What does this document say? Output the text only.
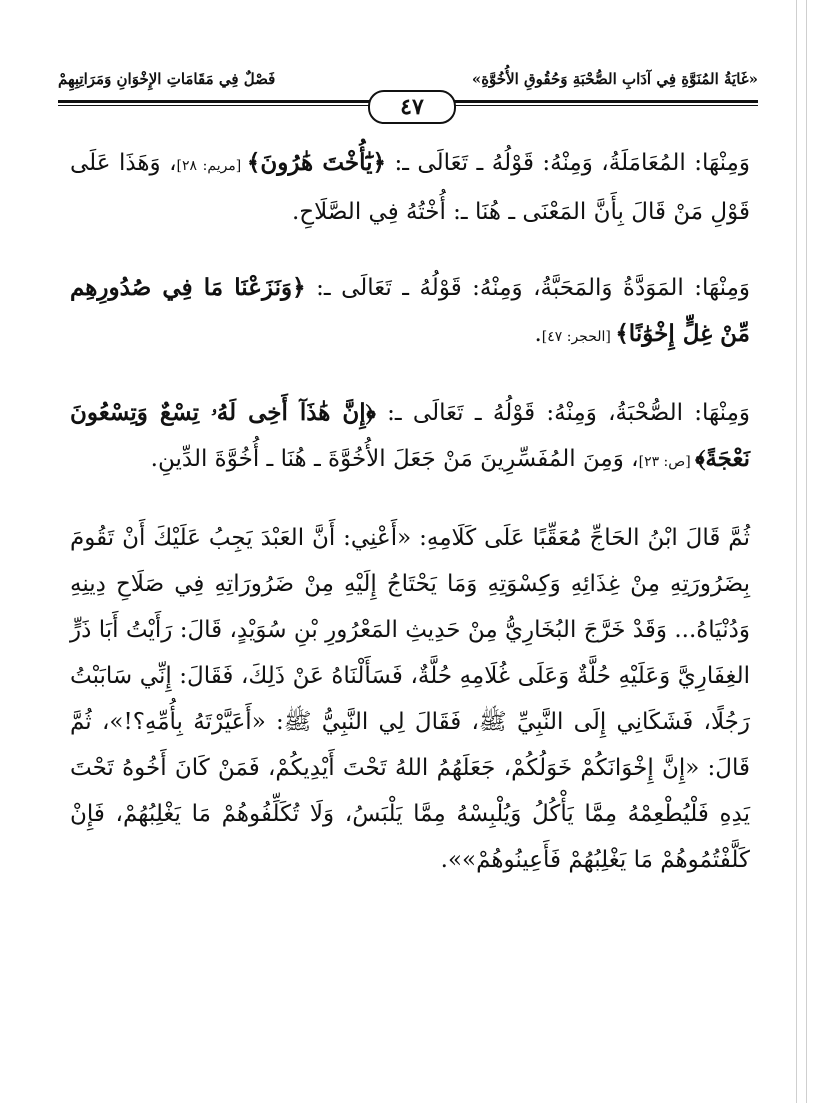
«غَايَةُ المُنَوَّةِ فِي آدَابِ الصُّحْبَةِ وَحُقُوقِ الأُخُوَّةِ»
فَصْلٌ فِي مَقَامَاتِ الإِخْوَانِ وَمَرَاتِبِهِمْ
٤٧

وَمِنْهَا: المُعَامَلَةُ، وَمِنْهُ: قَوْلُهُ ـ تَعَالَى ـ: ﴿يَٰٓأُخْتَ هَٰرُونَ﴾ [مريم: ٢٨]، وَهَذَا عَلَى قَوْلِ مَنْ قَالَ بِأَنَّ المَعْنَى ـ هُنَا ـ: أُخْتُهُ فِي الصَّلَاحِ.

وَمِنْهَا: المَوَدَّةُ وَالمَحَبَّةُ، وَمِنْهُ: قَوْلُهُ ـ تَعَالَى ـ: ﴿وَنَزَعْنَا مَا فِي صُدُورِهِم مِّنْ غِلٍّ إِخْوَٰنًا﴾ [الحجر: ٤٧].

وَمِنْهَا: الصُّحْبَةُ، وَمِنْهُ: قَوْلُهُ ـ تَعَالَى ـ: ﴿إِنَّ هَٰذَآ أَخِى لَهُۥ تِسْعٌ وَتِسْعُونَ نَعْجَةً﴾ [ص: ٢٣]، وَمِنَ المُفَسِّرِينَ مَنْ جَعَلَ الأُخُوَّةَ ـ هُنَا ـ أُخُوَّةَ الدِّينِ.

ثُمَّ قَالَ ابْنُ الحَاجِّ مُعَقِّبًا عَلَى كَلَامِهِ: «أَعْنِي: أَنَّ العَبْدَ يَجِبُ عَلَيْكَ أَنْ تَقُومَ بِضَرُورَتِهِ مِنْ غِذَائِهِ وَكِسْوَتِهِ وَمَا يَحْتَاجُ إِلَيْهِ مِنْ ضَرُورَاتِهِ فِي صَلَاحِ دِينِهِ وَدُنْيَاهُ... وَقَدْ خَرَّجَ البُخَارِيُّ مِنْ حَدِيثِ المَعْرُورِ بْنِ سُوَيْدٍ، قَالَ: رَأَيْتُ أَبَا ذَرٍّ الغِفَارِيَّ وَعَلَيْهِ حُلَّةٌ وَعَلَى غُلَامِهِ حُلَّةٌ، فَسَأَلْنَاهُ عَنْ ذَلِكَ، فَقَالَ: إِنِّي سَابَبْتُ رَجُلًا، فَشَكَانِي إِلَى النَّبِيِّ ﷺ، فَقَالَ لِي النَّبِيُّ ﷺ: «أَعَيَّرْتَهُ بِأُمِّهِ؟!»، ثُمَّ قَالَ: «إِنَّ إِخْوَانَكُمْ خَوَلُكُمْ، جَعَلَهُمُ اللهُ تَحْتَ أَيْدِيكُمْ، فَمَنْ كَانَ أَخُوهُ تَحْتَ يَدِهِ فَلْيُطْعِمْهُ مِمَّا يَأْكُلُ وَيُلْبِسْهُ مِمَّا يَلْبَسُ، وَلَا تُكَلِّفُوهُمْ مَا يَغْلِبُهُمْ، فَإِنْ كَلَّفْتُمُوهُمْ مَا يَغْلِبُهُمْ فَأَعِينُوهُمْ»».
